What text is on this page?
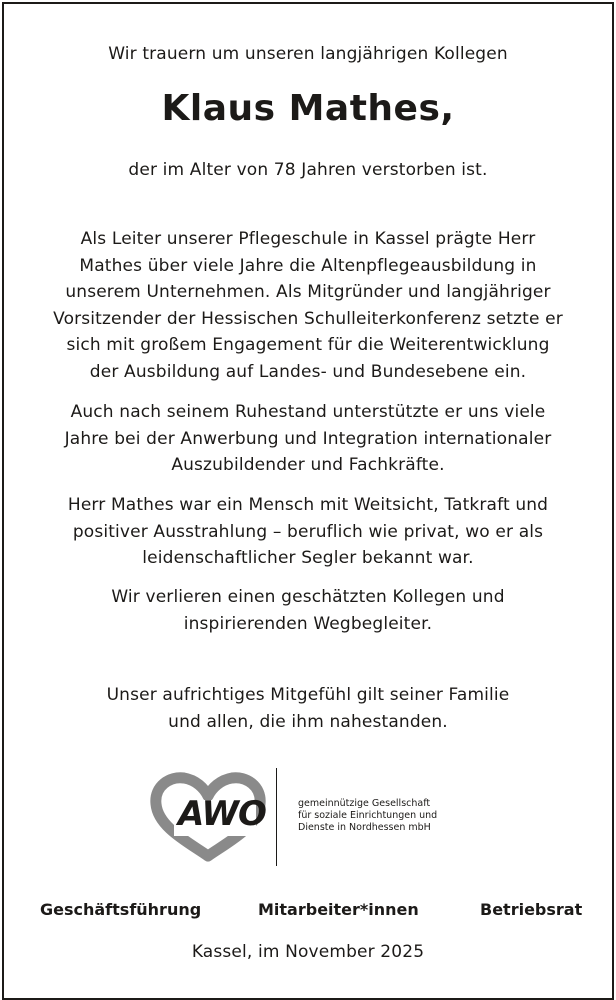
Wir trauern um unseren langjährigen Kollegen
Klaus Mathes,
der im Alter von 78 Jahren verstorben ist.

Als Leiter unserer Pflegeschule in Kassel prägte Herr
Mathes über viele Jahre die Altenpflegeausbildung in
unserem Unternehmen. Als Mitgründer und langjähriger
Vorsitzender der Hessischen Schulleiterkonferenz setzte er
sich mit großem Engagement für die Weiterentwicklung
der Ausbildung auf Landes- und Bundesebene ein.

Auch nach seinem Ruhestand unterstützte er uns viele
Jahre bei der Anwerbung und Integration internationaler
Auszubildender und Fachkräfte.

Herr Mathes war ein Mensch mit Weitsicht, Tatkraft und
positiver Ausstrahlung – beruflich wie privat, wo er als
leidenschaftlicher Segler bekannt war.

Wir verlieren einen geschätzten Kollegen und
inspirierenden Wegbegleiter.

Unser aufrichtiges Mitgefühl gilt seiner Familie
und allen, die ihm nahestanden.

AWO	gemeinnützige Gesellschaft
für soziale Einrichtungen und
Dienste in Nordhessen mbH
Geschäftsführung	Mitarbeiter*innen	Betriebsrat
Kassel, im November 2025
